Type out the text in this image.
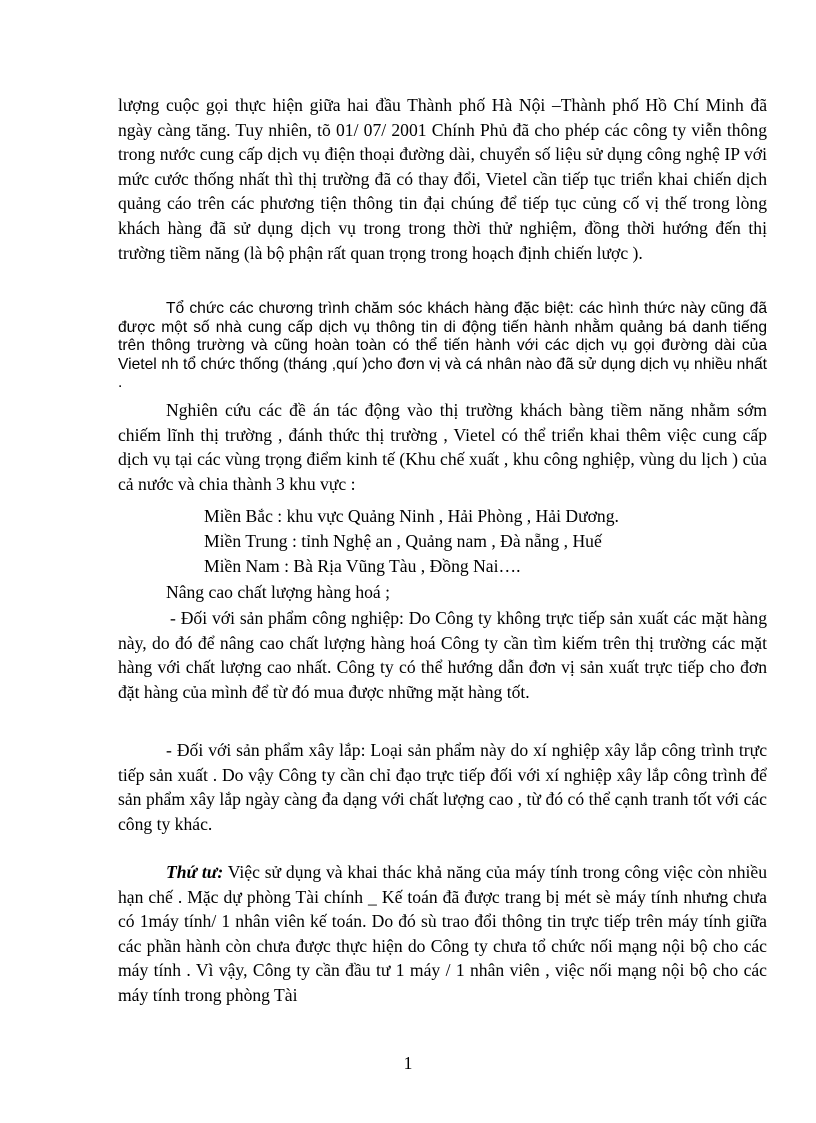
lượng cuộc gọi thực hiện giữa hai đầu Thành phố Hà Nội –Thành phố Hồ Chí Minh đã ngày càng tăng. Tuy nhiên, tõ 01/ 07/ 2001 Chính Phủ đã cho phép các công ty viễn thông trong nước cung cấp dịch vụ điện thoại đường dài, chuyển số liệu sử dụng công nghệ IP với mức cước thống nhất thì thị trường đã có thay đổi, Vietel cần tiếp tục triển khai chiến dịch quảng cáo trên các phương tiện thông tin đại chúng để tiếp tục củng cố vị thế trong lòng khách hàng đã sử dụng dịch vụ trong trong thời thử nghiệm, đồng thời hướng đến thị trường tiềm năng (là bộ phận rất quan trọng trong hoạch định chiến lược ).

Tổ chức các chương trình chăm sóc khách hàng đặc biệt: các hình thức này cũng đã được một số nhà cung cấp dịch vụ thông tin di động tiến hành nhằm quảng bá danh tiếng trên thông trường và cũng hoàn toàn có thể tiến hành với các dịch vụ gọi đường dài của Vietel nh tổ chức thống (tháng ,quí )cho đơn vị và cá nhân nào đã sử dụng dịch vụ nhiều nhất .

Nghiên cứu các đề án tác động vào thị trường khách bàng tiềm năng nhằm sớm chiếm lĩnh thị trường , đánh thức thị trường , Vietel có thể triển khai thêm việc cung cấp dịch vụ tại các vùng trọng điểm kinh tế (Khu chế xuất , khu công nghiệp, vùng du lịch ) của cả nước và chia thành 3 khu vực :

Miền Bắc : khu vực Quảng Ninh , Hải Phòng , Hải Dương.

Miền Trung : tỉnh Nghệ an , Quảng nam , Đà nẵng , Huế

Miền Nam : Bà Rịa Vũng Tàu , Đồng Nai….

Nâng cao chất lượng hàng hoá ;

- Đối với sản phẩm công nghiệp: Do Công ty không trực tiếp sản xuất các mặt hàng này, do đó để nâng cao chất lượng hàng hoá Công ty cần tìm kiếm trên thị trường các mặt hàng với chất lượng cao nhất. Công ty có thể hướng dẫn đơn vị sản xuất trực tiếp cho đơn đặt hàng của mình để từ đó mua được những mặt hàng tốt.

- Đối với sản phẩm xây lắp: Loại sản phẩm này do xí nghiệp xây lắp công trình trực tiếp sản xuất . Do vậy Công ty cần chỉ đạo trực tiếp đối với xí nghiệp xây lắp công trình để sản phẩm xây lắp ngày càng đa dạng với chất lượng cao , từ đó có thể cạnh tranh tốt với các công ty khác.

Thứ tư: Việc sử dụng và khai thác khả năng của máy tính trong công việc còn nhiều hạn chế . Mặc dự phòng Tài chính _ Kế toán đã được trang bị mét sè máy tính nhưng chưa có 1máy tính/ 1 nhân viên kế toán. Do đó sù trao đổi thông tin trực tiếp trên máy tính giữa các phần hành còn chưa được thực hiện do Công ty chưa tổ chức nối mạng nội bộ cho các máy tính . Vì vậy, Công ty cần đầu tư 1 máy / 1 nhân viên , việc nối mạng nội bộ cho các máy tính trong phòng Tài

1
